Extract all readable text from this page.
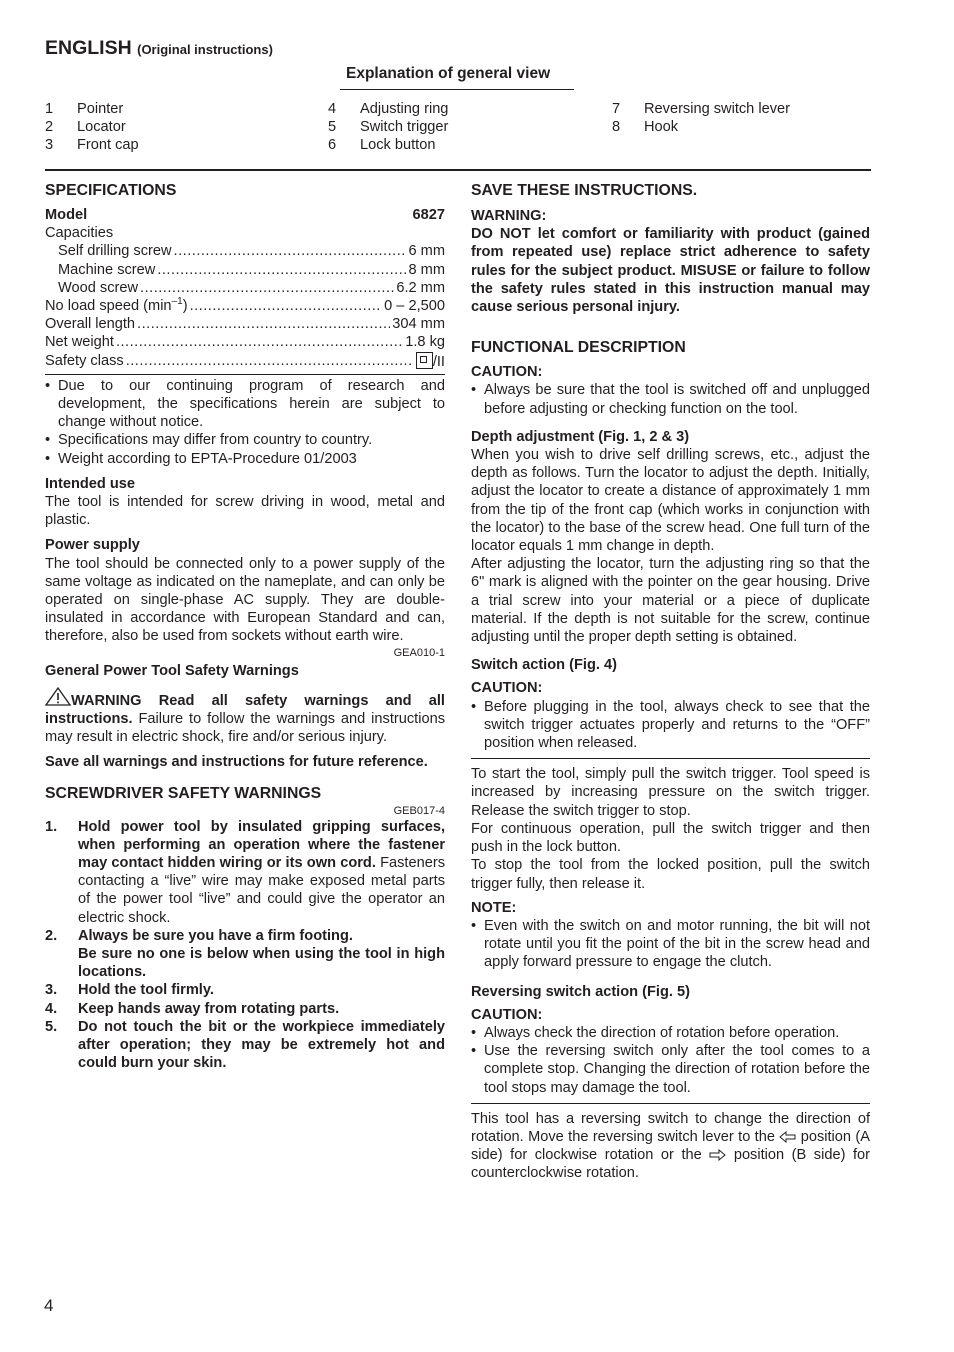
ENGLISH (Original instructions)
Explanation of general view
1 Pointer
2 Locator
3 Front cap
4 Adjusting ring
5 Switch trigger
6 Lock button
7 Reversing switch lever
8 Hook
SPECIFICATIONS
Model	6827
Capacities
Self drilling screw .....	6 mm
Machine screw .....	8 mm
Wood screw .....	6.2 mm
No load speed $(\min^{-1})$ .....	0 – 2,500
Overall length .....	304 mm
Net weight .....	1.8 kg
Safety class .....	/II
• Due to our continuing program of research and development, the specifications herein are subject to change without notice.
• Specifications may differ from country to country.
• Weight according to EPTA-Procedure 01/2003
Intended use

The tool is intended for screw driving in wood, metal and plastic.

Power supply

The tool should be connected only to a power supply of the same voltage as indicated on the nameplate, and can only be operated on single-phase AC supply. They are double-insulated in accordance with European Standard and can, therefore, also be used from sockets without earth wire.

GEA010-1
General Power Tool Safety Warnings

WARNING Read all safety warnings and all instructions. Failure to follow the warnings and instructions may result in electric shock, fire and/or serious injury.

Save all warnings and instructions for future reference.

SCREWDRIVER SAFETY WARNINGS
GEB017-4
1.	Hold power tool by insulated gripping surfaces, when performing an operation where the fastener may contact hidden wiring or its own cord. Fasteners contacting a “live” wire may make exposed metal parts of the power tool “live” and could give the operator an electric shock.
2.	Always be sure you have a firm footing.
Be sure no one is below when using the tool in high locations.
3.	Hold the tool firmly.
4.	Keep hands away from rotating parts.
5.	Do not touch the bit or the workpiece immediately after operation; they may be extremely hot and could burn your skin.
SAVE THESE INSTRUCTIONS.
WARNING:

DO NOT let comfort or familiarity with product (gained from repeated use) replace strict adherence to safety rules for the subject product. MISUSE or failure to follow the safety rules stated in this instruction manual may cause serious personal injury.

FUNCTIONAL DESCRIPTION
CAUTION:
• Always be sure that the tool is switched off and unplugged before adjusting or checking function on the tool.
Depth adjustment (Fig. 1, 2 & 3)

When you wish to drive self drilling screws, etc., adjust the depth as follows. Turn the locator to adjust the depth. Initially, adjust the locator to create a distance of approximately 1 mm from the tip of the front cap (which works in conjunction with the locator) to the base of the screw head. One full turn of the locator equals 1 mm change in depth.

After adjusting the locator, turn the adjusting ring so that the 6" mark is aligned with the pointer on the gear housing. Drive a trial screw into your material or a piece of duplicate material. If the depth is not suitable for the screw, continue adjusting until the proper depth setting is obtained.

Switch action (Fig. 4)
CAUTION:
• Before plugging in the tool, always check to see that the switch trigger actuates properly and returns to the “OFF” position when released.

To start the tool, simply pull the switch trigger. Tool speed is increased by increasing pressure on the switch trigger. Release the switch trigger to stop.

For continuous operation, pull the switch trigger and then push in the lock button.

To stop the tool from the locked position, pull the switch trigger fully, then release it.

NOTE:
• Even with the switch on and motor running, the bit will not rotate until you fit the point of the bit in the screw head and apply forward pressure to engage the clutch.
Reversing switch action (Fig. 5)
CAUTION:
• Always check the direction of rotation before operation.
• Use the reversing switch only after the tool comes to a complete stop. Changing the direction of rotation before the tool stops may damage the tool.

This tool has a reversing switch to change the direction of rotation. Move the reversing switch lever to the position (A side) for clockwise rotation or the position (B side) for counterclockwise rotation.

4
